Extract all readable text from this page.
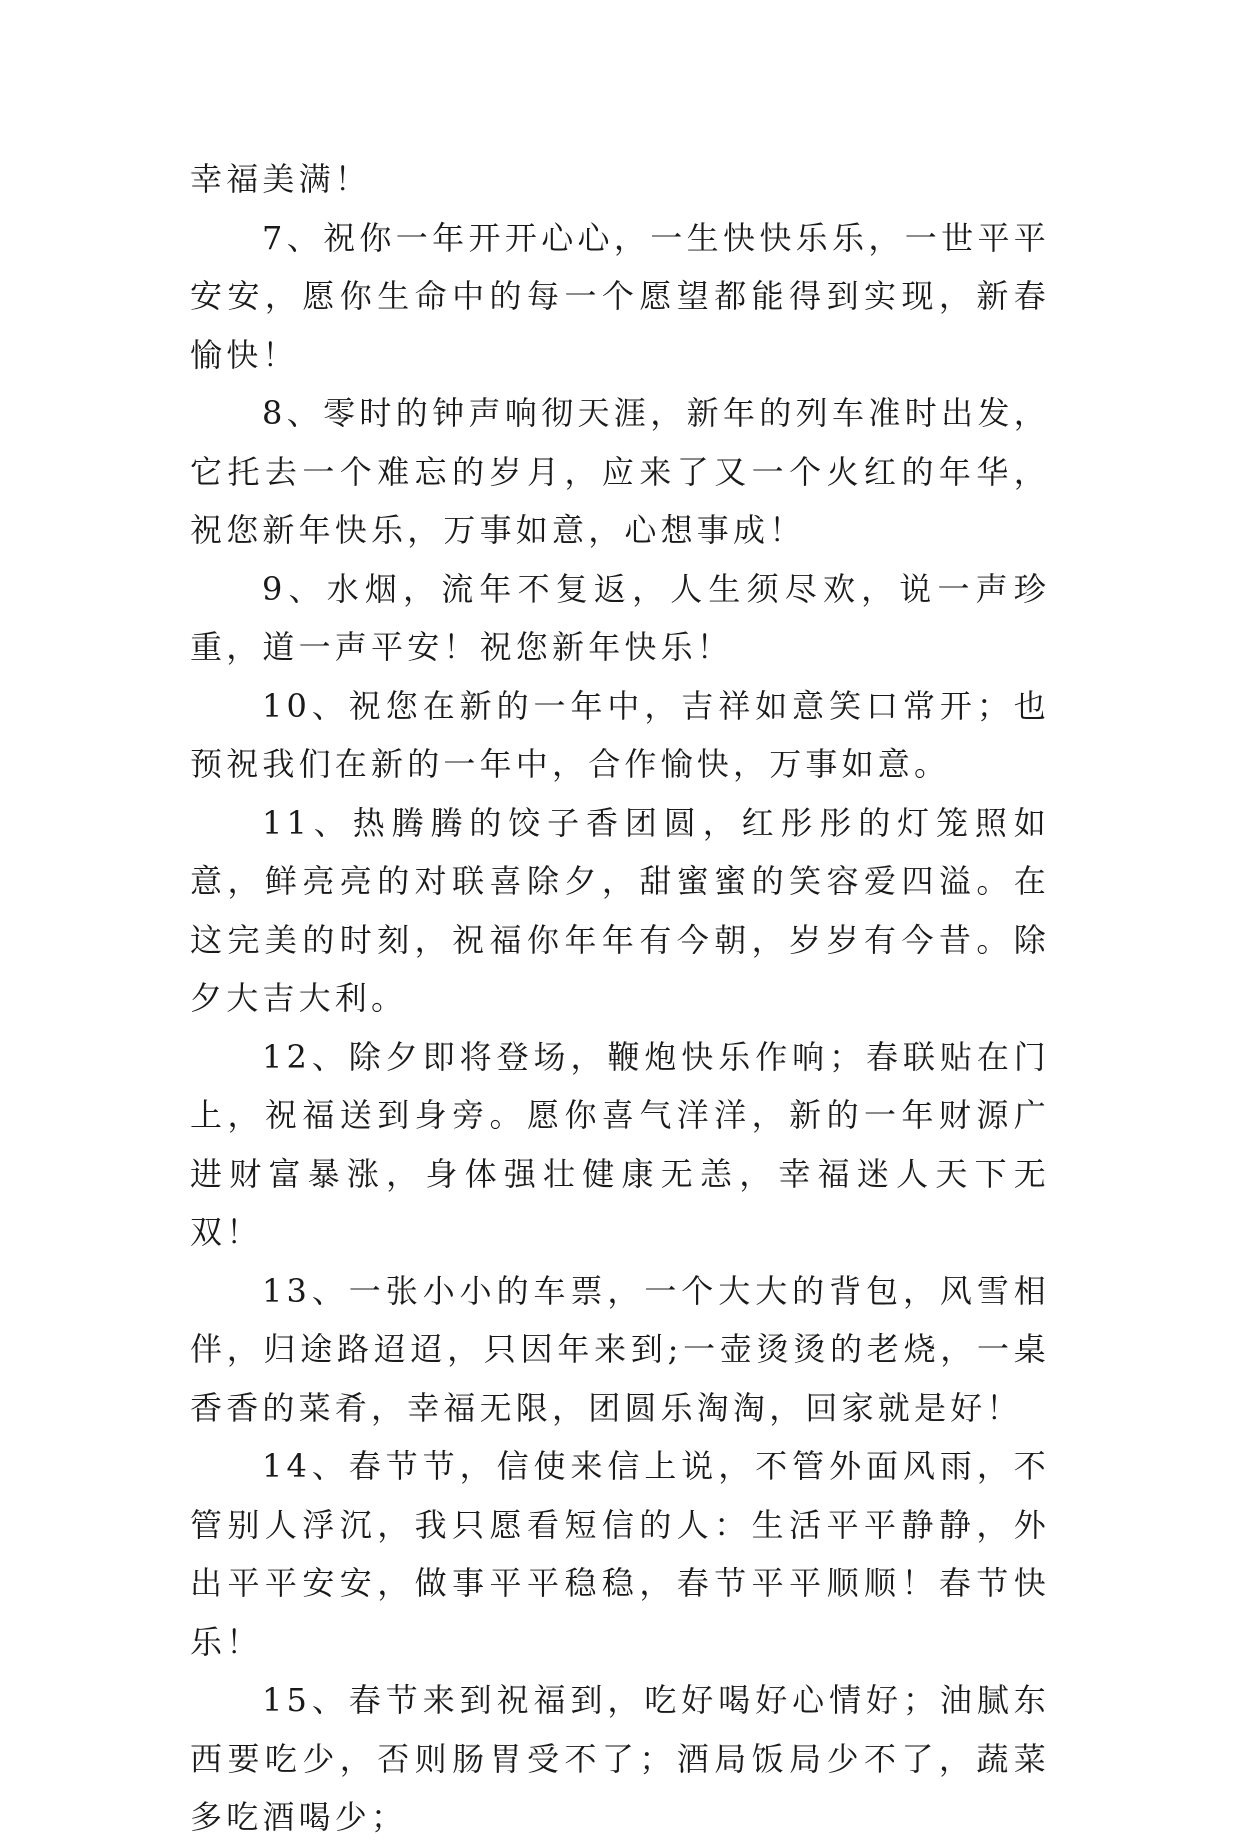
幸福美满！

7、祝你一年开开心心，一生快快乐乐，一世平平安安，愿你生命中的每一个愿望都能得到实现，新春愉快！

8、零时的钟声响彻天涯，新年的列车准时出发，它托去一个难忘的岁月，应来了又一个火红的年华，祝您新年快乐，万事如意，心想事成！

9、水烟，流年不复返，人生须尽欢，说一声珍重，道一声平安！祝您新年快乐！

10、祝您在新的一年中，吉祥如意笑口常开；也预祝我们在新的一年中，合作愉快，万事如意。

11、热腾腾的饺子香团圆，红彤彤的灯笼照如意，鲜亮亮的对联喜除夕，甜蜜蜜的笑容爱四溢。在这完美的时刻，祝福你年年有今朝，岁岁有今昔。除夕大吉大利。

12、除夕即将登场，鞭炮快乐作响；春联贴在门上，祝福送到身旁。愿你喜气洋洋，新的一年财源广进财富暴涨，身体强壮健康无恙，幸福迷人天下无双！

13、一张小小的车票，一个大大的背包，风雪相伴，归途路迢迢，只因年来到;一壶烫烫的老烧，一桌香香的菜肴，幸福无限，团圆乐淘淘，回家就是好！

14、春节节，信使来信上说，不管外面风雨，不管别人浮沉，我只愿看短信的人：生活平平静静，外出平平安安，做事平平稳稳，春节平平顺顺！春节快乐！

15、春节来到祝福到，吃好喝好心情好；油腻东西要吃少，否则肠胃受不了；酒局饭局少不了，蔬菜多吃酒喝少；
